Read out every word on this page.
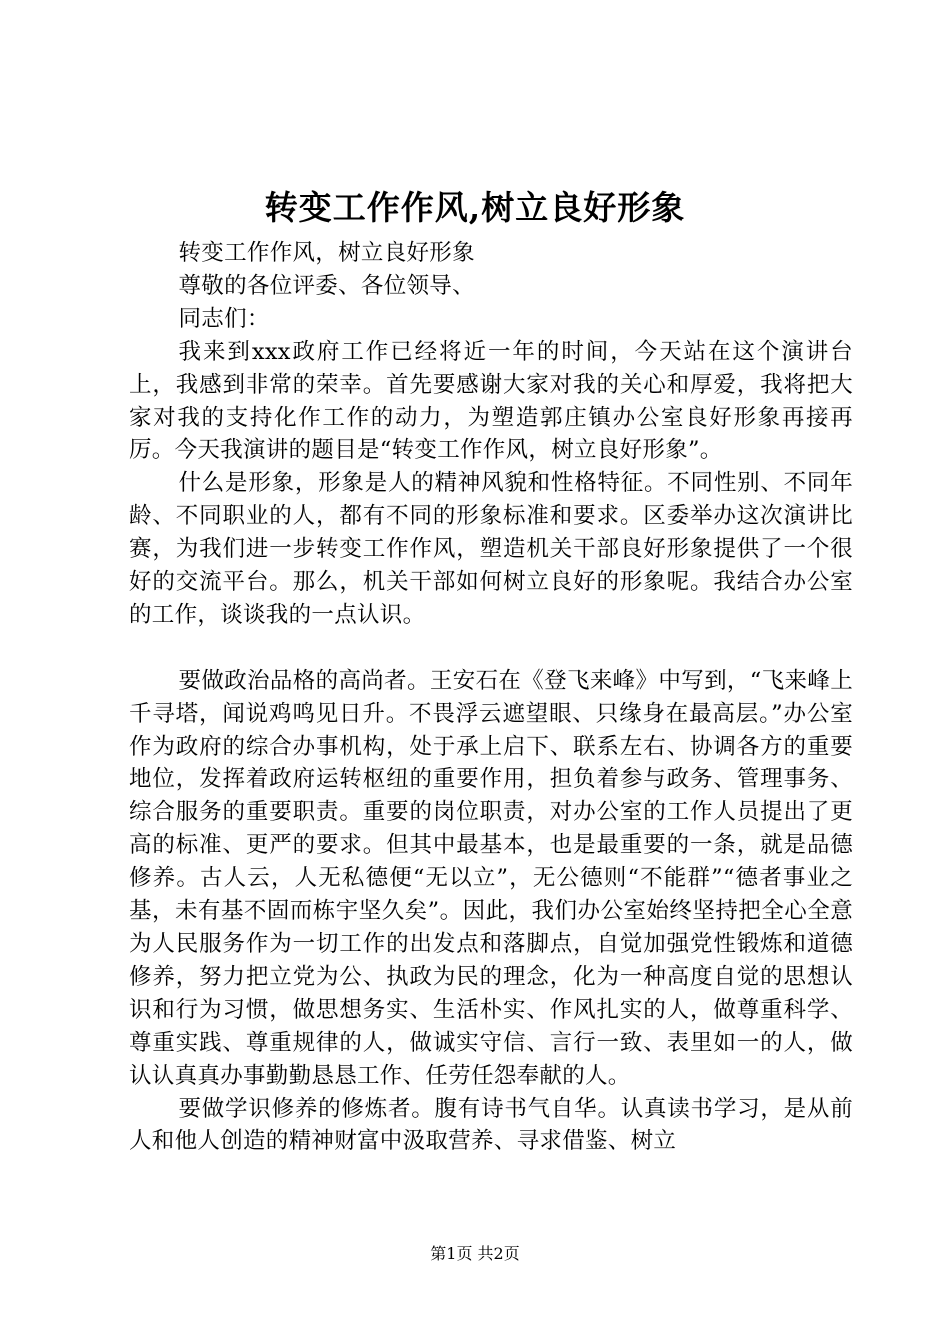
转变工作作风,树立良好形象

转变工作作风，树立良好形象

尊敬的各位评委、各位领导、

同志们：

我来到xxx政府工作已经将近一年的时间，今天站在这个演讲台上，我感到非常的荣幸。首先要感谢大家对我的关心和厚爱，我将把大家对我的支持化作工作的动力，为塑造郭庄镇办公室良好形象再接再厉。今天我演讲的题目是“转变工作作风，树立良好形象”。

什么是形象，形象是人的精神风貌和性格特征。不同性别、不同年龄、不同职业的人，都有不同的形象标准和要求。区委举办这次演讲比赛，为我们进一步转变工作作风，塑造机关干部良好形象提供了一个很好的交流平台。那么，机关干部如何树立良好的形象呢。我结合办公室的工作，谈谈我的一点认识。

要做政治品格的高尚者。王安石在《登飞来峰》中写到，“飞来峰上千寻塔，闻说鸡鸣见日升。不畏浮云遮望眼、只缘身在最高层。”办公室作为政府的综合办事机构，处于承上启下、联系左右、协调各方的重要地位，发挥着政府运转枢纽的重要作用，担负着参与政务、管理事务、综合服务的重要职责。重要的岗位职责，对办公室的工作人员提出了更高的标准、更严的要求。但其中最基本，也是最重要的一条，就是品德修养。古人云，人无私德便“无以立”，无公德则“不能群”“德者事业之基，未有基不固而栋宇坚久矣”。因此，我们办公室始终坚持把全心全意为人民服务作为一切工作的出发点和落脚点，自觉加强党性锻炼和道德修养，努力把立党为公、执政为民的理念，化为一种高度自觉的思想认识和行为习惯，做思想务实、生活朴实、作风扎实的人，做尊重科学、尊重实践、尊重规律的人，做诚实守信、言行一致、表里如一的人，做认认真真办事勤勤恳恳工作、任劳任怨奉献的人。

要做学识修养的修炼者。腹有诗书气自华。认真读书学习，是从前人和他人创造的精神财富中汲取营养、寻求借鉴、树立

第1页 共2页
